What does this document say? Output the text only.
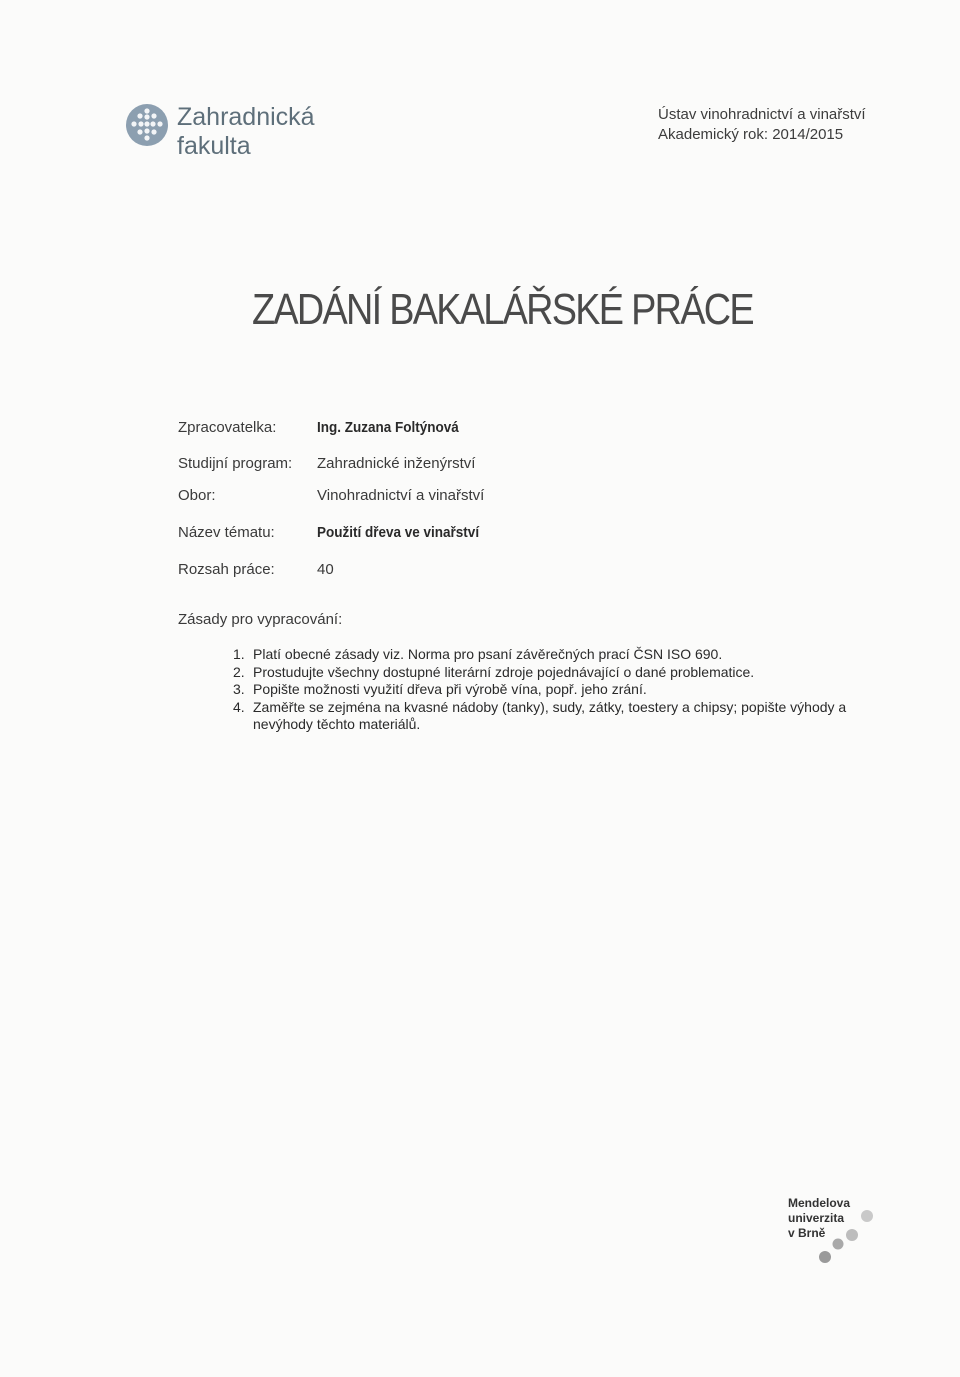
Zahradnická
fakulta
Ústav vinohradnictví a vinařství
Akademický rok: 2014/2015
ZADÁNÍ BAKALÁŘSKÉ PRÁCE
Zpracovatelka:	Ing. Zuzana Foltýnová
Studijní program: Zahradnické inženýrství
Obor:	Vinohradnictví a vinařství
Název tématu:	Použití dřeva ve vinařství
Rozsah práce:	40
Zásady pro vypracování:
1. Platí obecné zásady viz. Norma pro psaní závěrečných prací ČSN ISO 690.
2. Prostudujte všechny dostupné literární zdroje pojednávající o dané problematice.
3. Popište možnosti využití dřeva při výrobě vína, popř. jeho zrání.
4. Zaměřte se zejména na kvasné nádoby (tanky), sudy, zátky, toestery a chipsy; popište výhody a nevýhody těchto materiálů.
Mendelova
univerzita
v Brně
